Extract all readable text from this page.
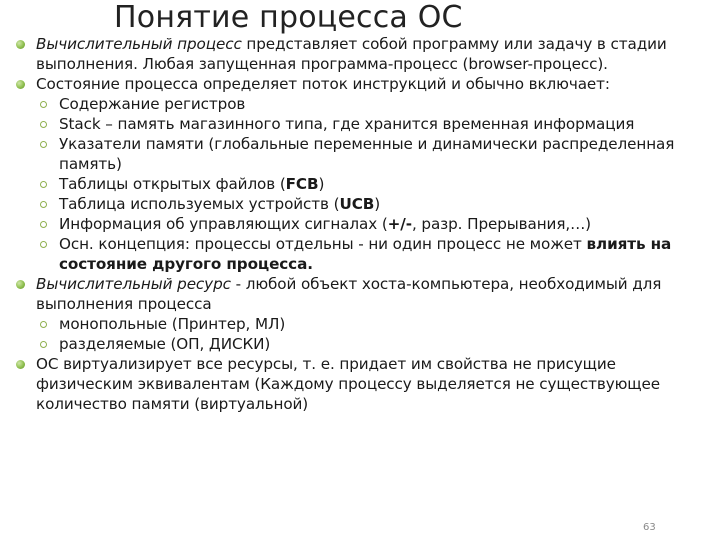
Понятие процесса ОС
Вычислительный процесс представляет собой программу или задачу в стадии выполнения. Любая запущенная программа-процесс (browser-процесс).
Состояние процесса определяет поток инструкций и обычно включает:
Содержание регистров
Stack – память магазинного типа, где хранится временная информация
Указатели памяти (глобальные переменные и динамически распределенная память)
Таблицы открытых файлов (FCB)
Таблица используемых устройств (UCB)
Информация об управляющих сигналах (+/-, разр. Прерывания,…)
Осн. концепция: процессы отдельны - ни один процесс не может влиять на состояние другого процесса.
Вычислительный ресурс - любой объект хоста-компьютера, необходимый для выполнения процесса
монопольные (Принтер, МЛ)
разделяемые (ОП, ДИСКИ)
ОС виртуализирует все ресурсы, т. е. придает им свойства не присущие физическим эквивалентам (Каждому процессу выделяется не существующее количество памяти (виртуальной)
63
